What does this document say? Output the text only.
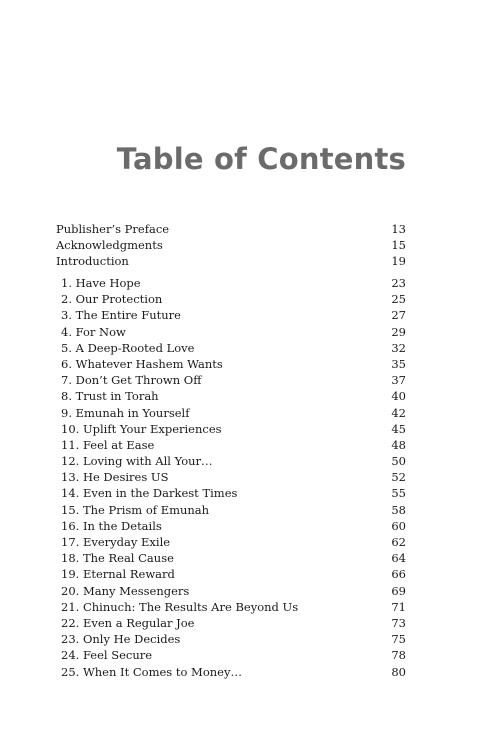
Table of Contents
Publisher’s Preface	13
Acknowledgments	15
Introduction	19
1. Have Hope	23
2. Our Protection	25
3. The Entire Future	27
4. For Now	29
5. A Deep-Rooted Love	32
6. Whatever Hashem Wants	35
7. Don’t Get Thrown Off	37
8. Trust in Torah	40
9. Emunah in Yourself	42
10. Uplift Your Experiences	45
11. Feel at Ease	48
12. Loving with All Your…	50
13. He Desires US	52
14. Even in the Darkest Times	55
15. The Prism of Emunah	58
16. In the Details	60
17. Everyday Exile	62
18. The Real Cause	64
19. Eternal Reward	66
20. Many Messengers	69
21. Chinuch: The Results Are Beyond Us	71
22. Even a Regular Joe	73
23. Only He Decides	75
24. Feel Secure	78
25. When It Comes to Money…	80
